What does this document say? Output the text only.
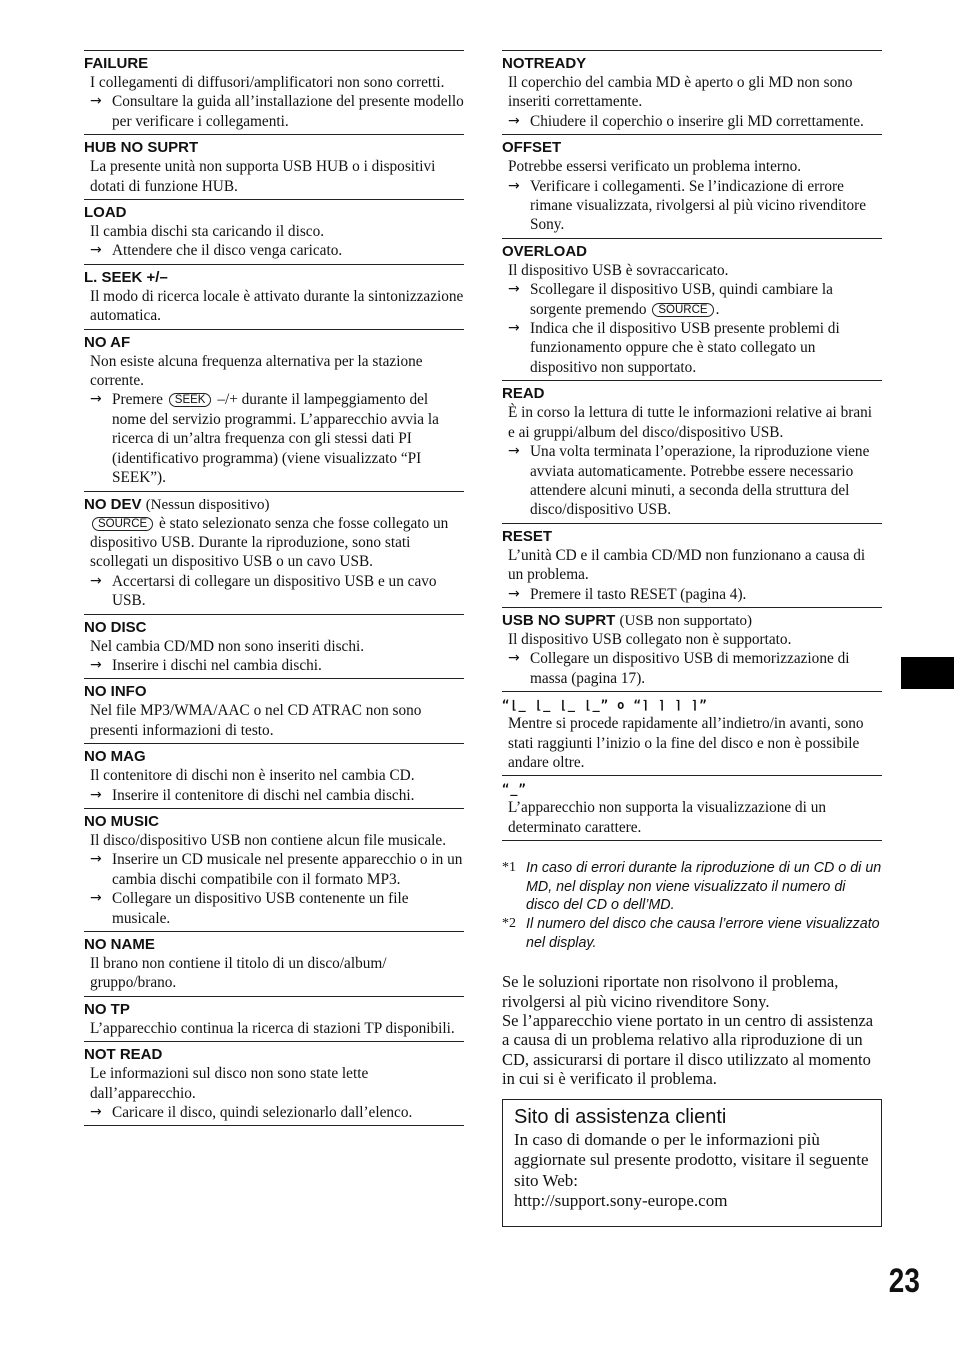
FAILURE
I collegamenti di diffusori/amplificatori non sono corretti.
→ Consultare la guida all’installazione del presente modello per verificare i collegamenti.
HUB NO SUPRT
La presente unità non supporta USB HUB o i dispositivi dotati di funzione HUB.
LOAD
Il cambia dischi sta caricando il disco.
→ Attendere che il disco venga caricato.
L. SEEK +/–
Il modo di ricerca locale è attivato durante la sintonizzazione automatica.
NO AF
Non esiste alcuna frequenza alternativa per la stazione corrente.
→ Premere SEEK –/+ durante il lampeggiamento del nome del servizio programmi. L’apparecchio avvia la ricerca di un’altra frequenza con gli stessi dati PI (identificativo programma) (viene visualizzato “PI SEEK”).
NO DEV (Nessun dispositivo)
SOURCE è stato selezionato senza che fosse collegato un dispositivo USB. Durante la riproduzione, sono stati scollegati un dispositivo USB o un cavo USB.
→ Accertarsi di collegare un dispositivo USB e un cavo USB.
NO DISC
Nel cambia CD/MD non sono inseriti dischi.
→ Inserire i dischi nel cambia dischi.
NO INFO
Nel file MP3/WMA/AAC o nel CD ATRAC non sono presenti informazioni di testo.
NO MAG
Il contenitore di dischi non è inserito nel cambia CD.
→ Inserire il contenitore di dischi nel cambia dischi.
NO MUSIC
Il disco/dispositivo USB non contiene alcun file musicale.
→ Inserire un CD musicale nel presente apparecchio o in un cambia dischi compatibile con il formato MP3.
→ Collegare un dispositivo USB contenente un file musicale.
NO NAME
Il brano non contiene il titolo di un disco/album/ gruppo/brano.
NO TP
L’apparecchio continua la ricerca di stazioni TP disponibili.
NOT READ
Le informazioni sul disco non sono state lette dall’apparecchio.
→ Caricare il disco, quindi selezionarlo dall’elenco.
NOTREADY
Il coperchio del cambia MD è aperto o gli MD non sono inseriti correttamente.
→ Chiudere il coperchio o inserire gli MD correttamente.
OFFSET
Potrebbe essersi verificato un problema interno.
→ Verificare i collegamenti. Se l’indicazione di errore rimane visualizzata, rivolgersi al più vicino rivenditore Sony.
OVERLOAD
Il dispositivo USB è sovraccaricato.
→ Scollegare il dispositivo USB, quindi cambiare la sorgente premendo SOURCE .
→ Indica che il dispositivo USB presente problemi di funzionamento oppure che è stato collegato un dispositivo non supportato.
READ
È in corso la lettura di tutte le informazioni relative ai brani e ai gruppi/album del disco/dispositivo USB.
→ Una volta terminata l’operazione, la riproduzione viene avviata automaticamente. Potrebbe essere necessario attendere alcuni minuti, a seconda della struttura del disco/dispositivo USB.
RESET
L’unità CD e il cambia CD/MD non funzionano a causa di un problema.
→ Premere il tasto RESET (pagina 4).
USB NO SUPRT (USB non supportato)
Il dispositivo USB collegato non è supportato.
→ Collegare un dispositivo USB di memorizzazione di massa (pagina 17).
“⌊_ ⌊_ ⌊_ ⌊_” o “⌉ ⌉ ⌉ ⌉”
Mentre si procede rapidamente all’indietro/in avanti, sono stati raggiunti l’inizio o la fine del disco e non è possibile andare oltre.
“_”
L’apparecchio non supporta la visualizzazione di un determinato carattere.
*1 In caso di errori durante la riproduzione di un CD o di un MD, nel display non viene visualizzato il numero di disco del CD o dell’MD.
*2 Il numero del disco che causa l’errore viene visualizzato nel display.
Se le soluzioni riportate non risolvono il problema, rivolgersi al più vicino rivenditore Sony.
Se l’apparecchio viene portato in un centro di assistenza a causa di un problema relativo alla riproduzione di un CD, assicurarsi di portare il disco utilizzato al momento in cui si è verificato il problema.
Sito di assistenza clienti
In caso di domande o per le informazioni più aggiornate sul presente prodotto, visitare il seguente sito Web:
http://support.sony-europe.com
23
